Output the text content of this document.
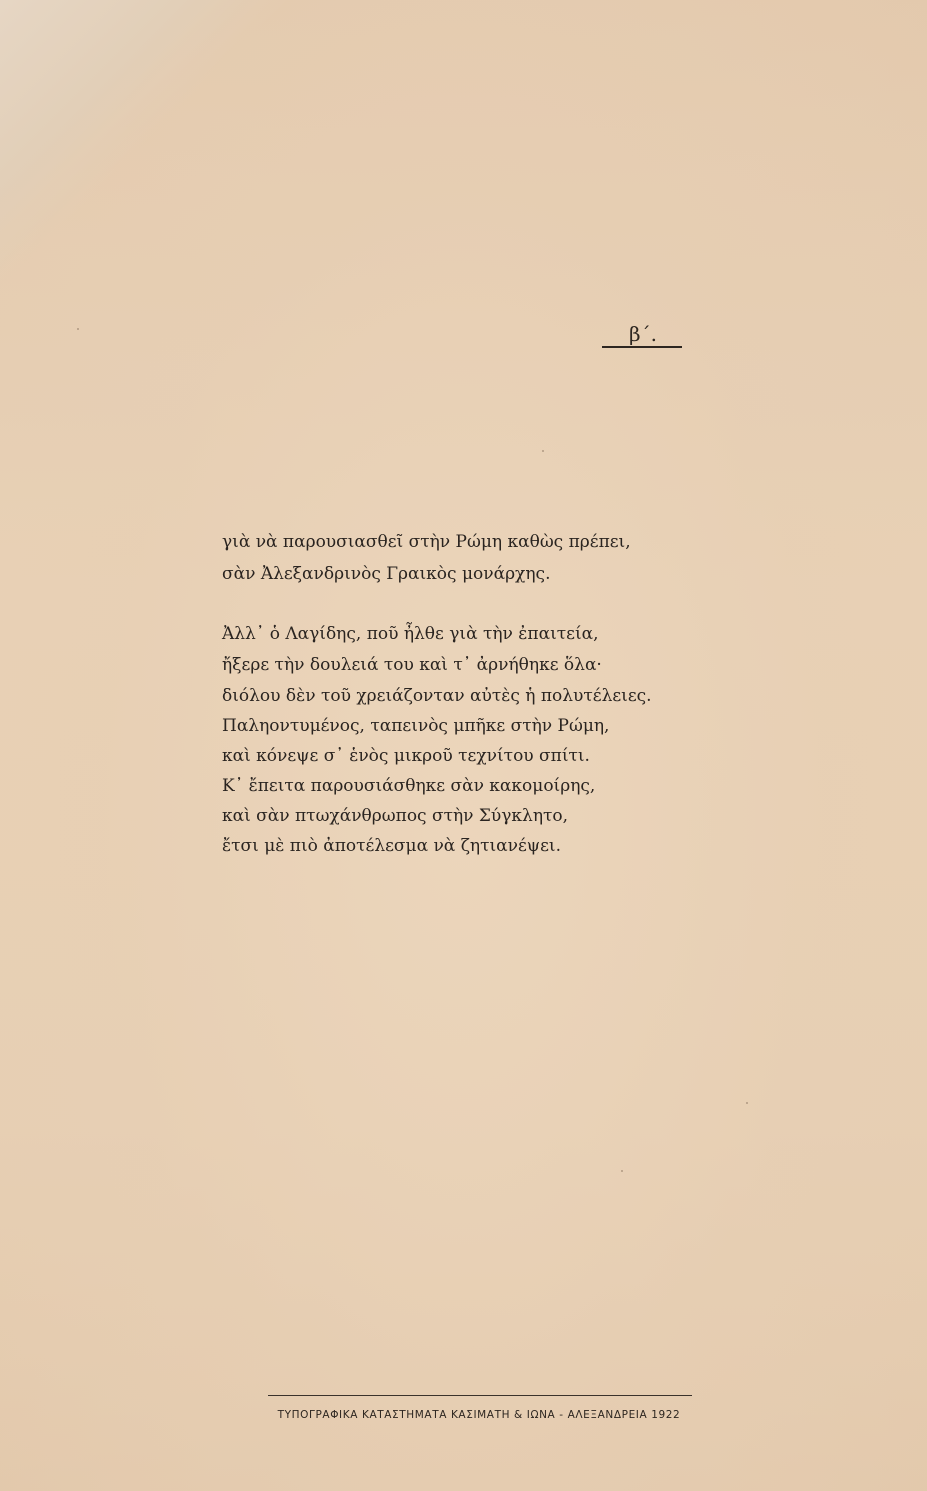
β΄.
γιὰ νὰ παρουσιασθεῖ στὴν Ρώμη καθὼς πρέπει,
σὰν Ἀλεξανδρινὸς Γραικὸς μονάρχης.
Ἀλλ᾽ ὁ Λαγίδης, ποῦ ἦλθε γιὰ τὴν ἐπαιτεία,
ἤξερε τὴν δουλειά του καὶ τ᾽ ἀρνήθηκε ὅλα·
διόλου δὲν τοῦ χρειάζονταν αὐτὲς ἡ πολυτέλειες.
Παληοντυμένος, ταπεινὸς μπῆκε στὴν Ρώμη,
καὶ κόνεψε σ᾽ ἑνὸς μικροῦ τεχνίτου σπίτι.
Κ᾽ ἔπειτα παρουσιάσθηκε σὰν κακομοίρης,
καὶ σὰν πτωχάνθρωπος στὴν Σύγκλητο,
ἔτσι μὲ πιὸ ἀποτέλεσμα νὰ ζητιανέψει.
ΤΥΠΟΓΡΑΦΙΚΑ ΚΑΤΑΣΤΗΜΑΤΑ ΚΑΣΙΜΑΤΗ & ΙΩΝΑ - ΑΛΕΞΑΝΔΡΕΙΑ 1922
